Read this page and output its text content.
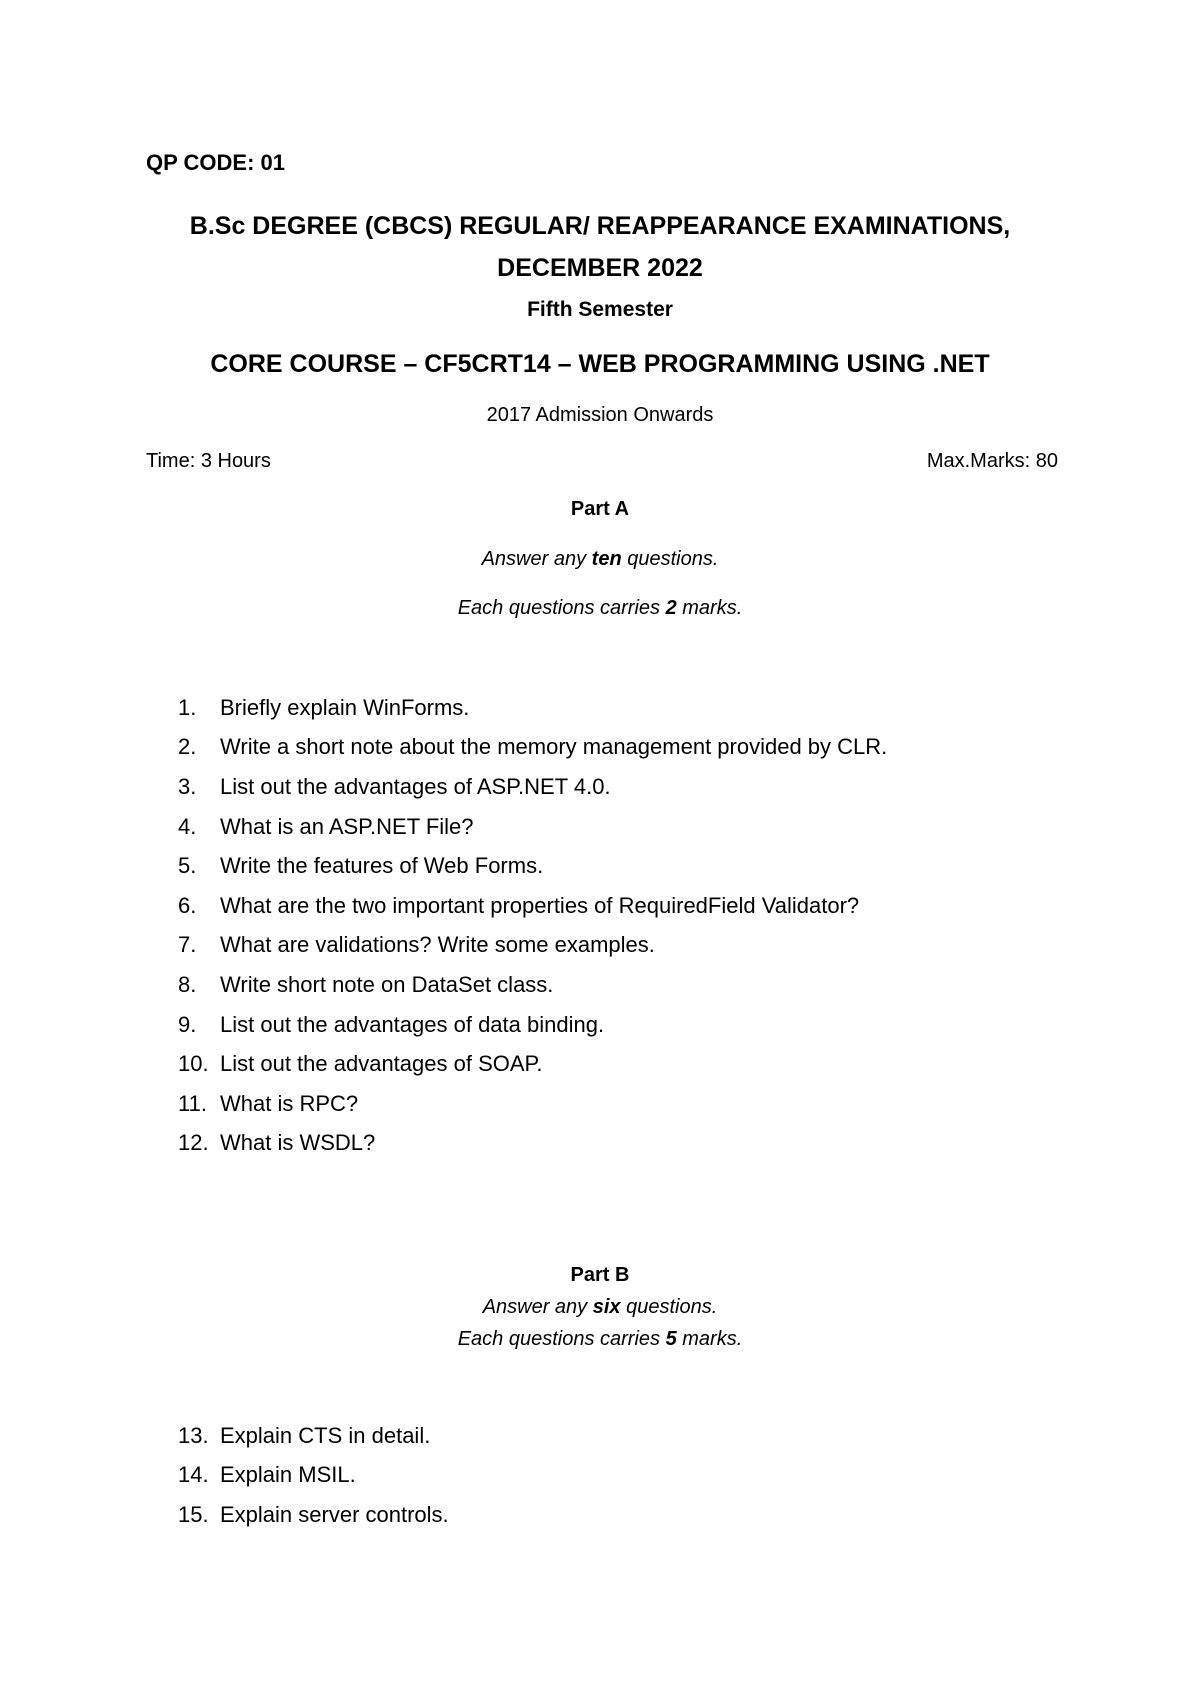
QP CODE: 01
B.Sc DEGREE (CBCS) REGULAR/ REAPPEARANCE EXAMINATIONS,
DECEMBER 2022
Fifth Semester
CORE COURSE – CF5CRT14 – WEB PROGRAMMING USING .NET
2017 Admission Onwards
Time: 3 Hours	Max.Marks: 80
Part A
Answer any ten questions.
Each questions carries 2 marks.
1.	Briefly explain WinForms.
2.	Write a short note about the memory management provided by CLR.
3.	List out the advantages of ASP.NET 4.0.
4.	What is an ASP.NET File?
5.	Write the features of Web Forms.
6.	What are the two important properties of RequiredField Validator?
7.	What are validations? Write some examples.
8.	Write short note on DataSet class.
9.	List out the advantages of data binding.
10. List out the advantages of SOAP.
11. What is RPC?
12. What is WSDL?
Part B
Answer any six questions.
Each questions carries 5 marks.
13. Explain CTS in detail.
14. Explain MSIL.
15. Explain server controls.
